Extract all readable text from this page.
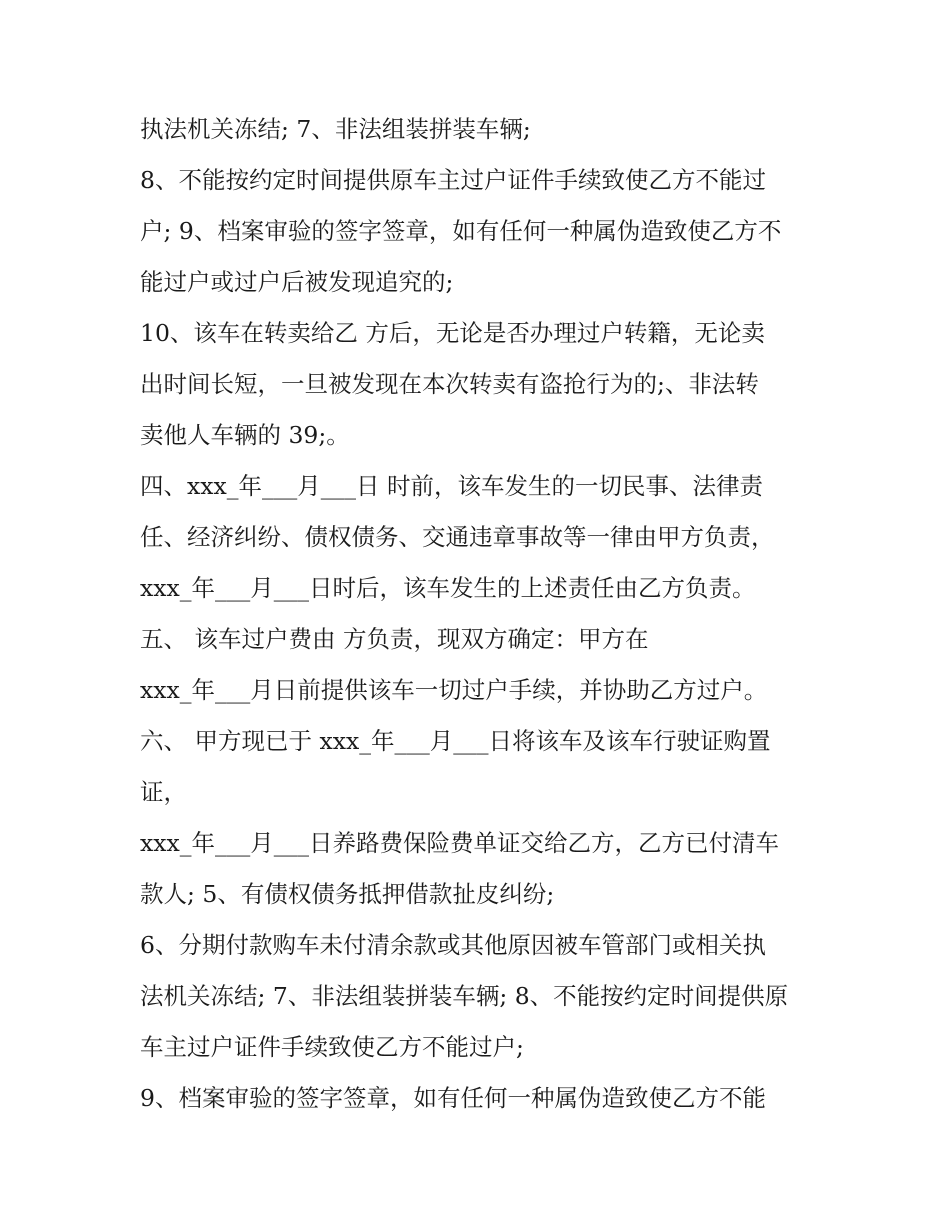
执法机关冻结; 7、非法组装拼装车辆;
8、不能按约定时间提供原车主过户证件手续致使乙方不能过
户; 9、档案审验的签字签章，如有任何一种属伪造致使乙方不
能过户或过户后被发现追究的;
10、该车在转卖给乙 方后，无论是否办理过户转籍，无论卖
出时间长短，一旦被发现在本次转卖有盗抢行为的;、非法转
卖他人车辆的 39;。
四、xxx_年___月___日 时前，该车发生的一切民事、法律责
任、经济纠纷、债权债务、交通违章事故等一律由甲方负责，
xxx_年___月___日时后，该车发生的上述责任由乙方负责。
五、 该车过户费由 方负责，现双方确定：甲方在
xxx_年___月日前提供该车一切过户手续，并协助乙方过户。
六、 甲方现已于 xxx_年___月___日将该车及该车行驶证购置
证，
xxx_年___月___日养路费保险费单证交给乙方，乙方已付清车
款人; 5、有债权债务抵押借款扯皮纠纷;
6、分期付款购车未付清余款或其他原因被车管部门或相关执
法机关冻结; 7、非法组装拼装车辆; 8、不能按约定时间提供原
车主过户证件手续致使乙方不能过户;
9、档案审验的签字签章，如有任何一种属伪造致使乙方不能
